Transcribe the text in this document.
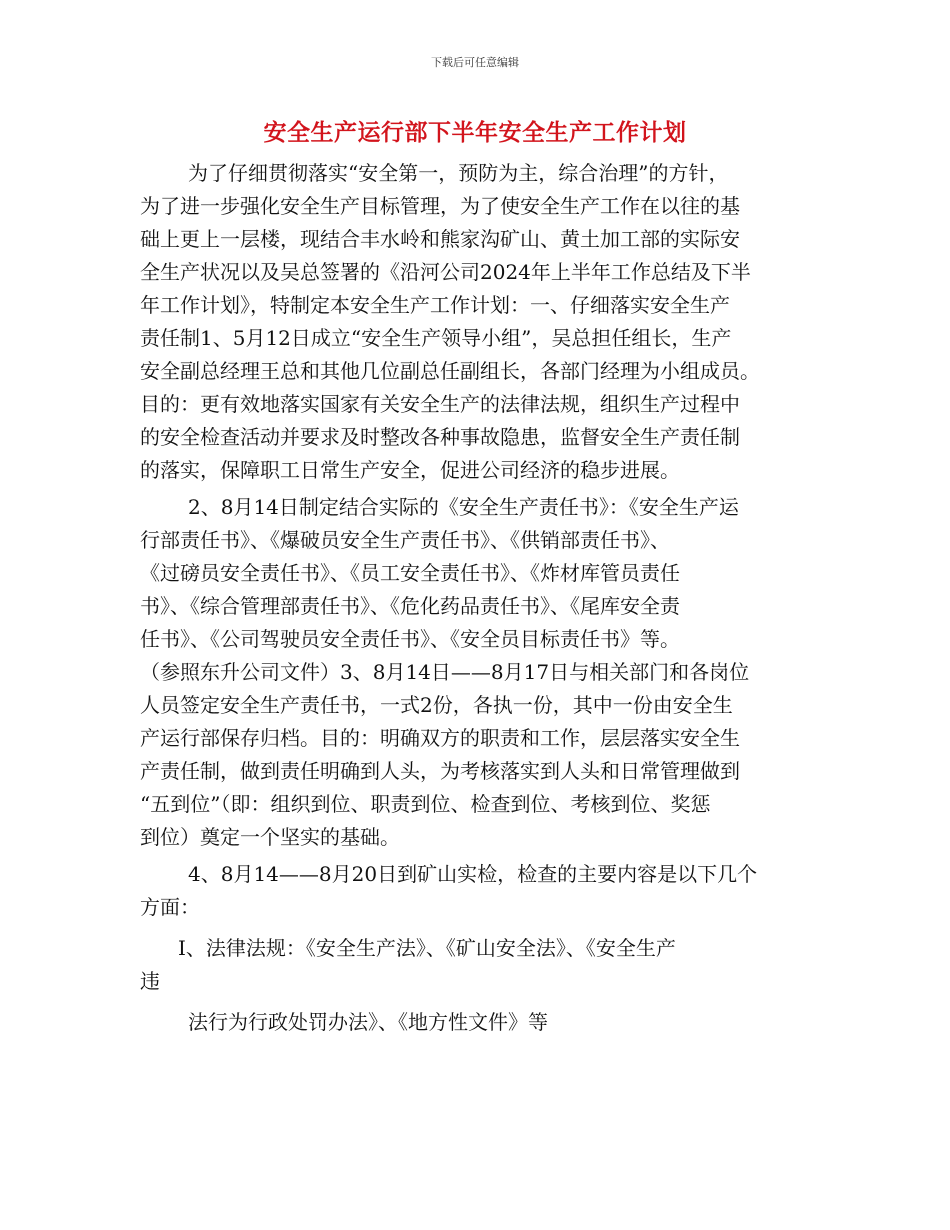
下载后可任意编辑
安全生产运行部下半年安全生产工作计划
为了仔细贯彻落实“安全第一，预防为主，综合治理”的方针，
为了进一步强化安全生产目标管理，为了使安全生产工作在以往的基
础上更上一层楼，现结合丰水岭和熊家沟矿山、黄土加工部的实际安
全生产状况以及吴总签署的《沿河公司2024年上半年工作总结及下半
年工作计划》，特制定本安全生产工作计划：一、仔细落实安全生产
责任制1、5月12日成立“安全生产领导小组”，吴总担任组长，生产
安全副总经理王总和其他几位副总任副组长，各部门经理为小组成员。
目的：更有效地落实国家有关安全生产的法律法规，组织生产过程中
的安全检查活动并要求及时整改各种事故隐患，监督安全生产责任制
的落实，保障职工日常生产安全，促进公司经济的稳步进展。
2、8月14日制定结合实际的《安全生产责任书》：《安全生产运
行部责任书》、《爆破员安全生产责任书》、《供销部责任书》、
《过磅员安全责任书》、《员工安全责任书》、《炸材库管员责任
书》、《综合管理部责任书》、《危化药品责任书》、《尾库安全责
任书》、《公司驾驶员安全责任书》、《安全员目标责任书》等。
（参照东升公司文件）3、8月14日——8月17日与相关部门和各岗位
人员签定安全生产责任书，一式2份，各执一份，其中一份由安全生
产运行部保存归档。目的：明确双方的职责和工作，层层落实安全生
产责任制，做到责任明确到人头，为考核落实到人头和日常管理做到
“五到位”（即：组织到位、职责到位、检查到位、考核到位、奖惩
到位）奠定一个坚实的基础。
4、8月14——8月20日到矿山实检，检查的主要内容是以下几个
方面：
Ⅰ、法律法规：《安全生产法》、《矿山安全法》、《安全生产
违
法行为行政处罚办法》、《地方性文件》等
